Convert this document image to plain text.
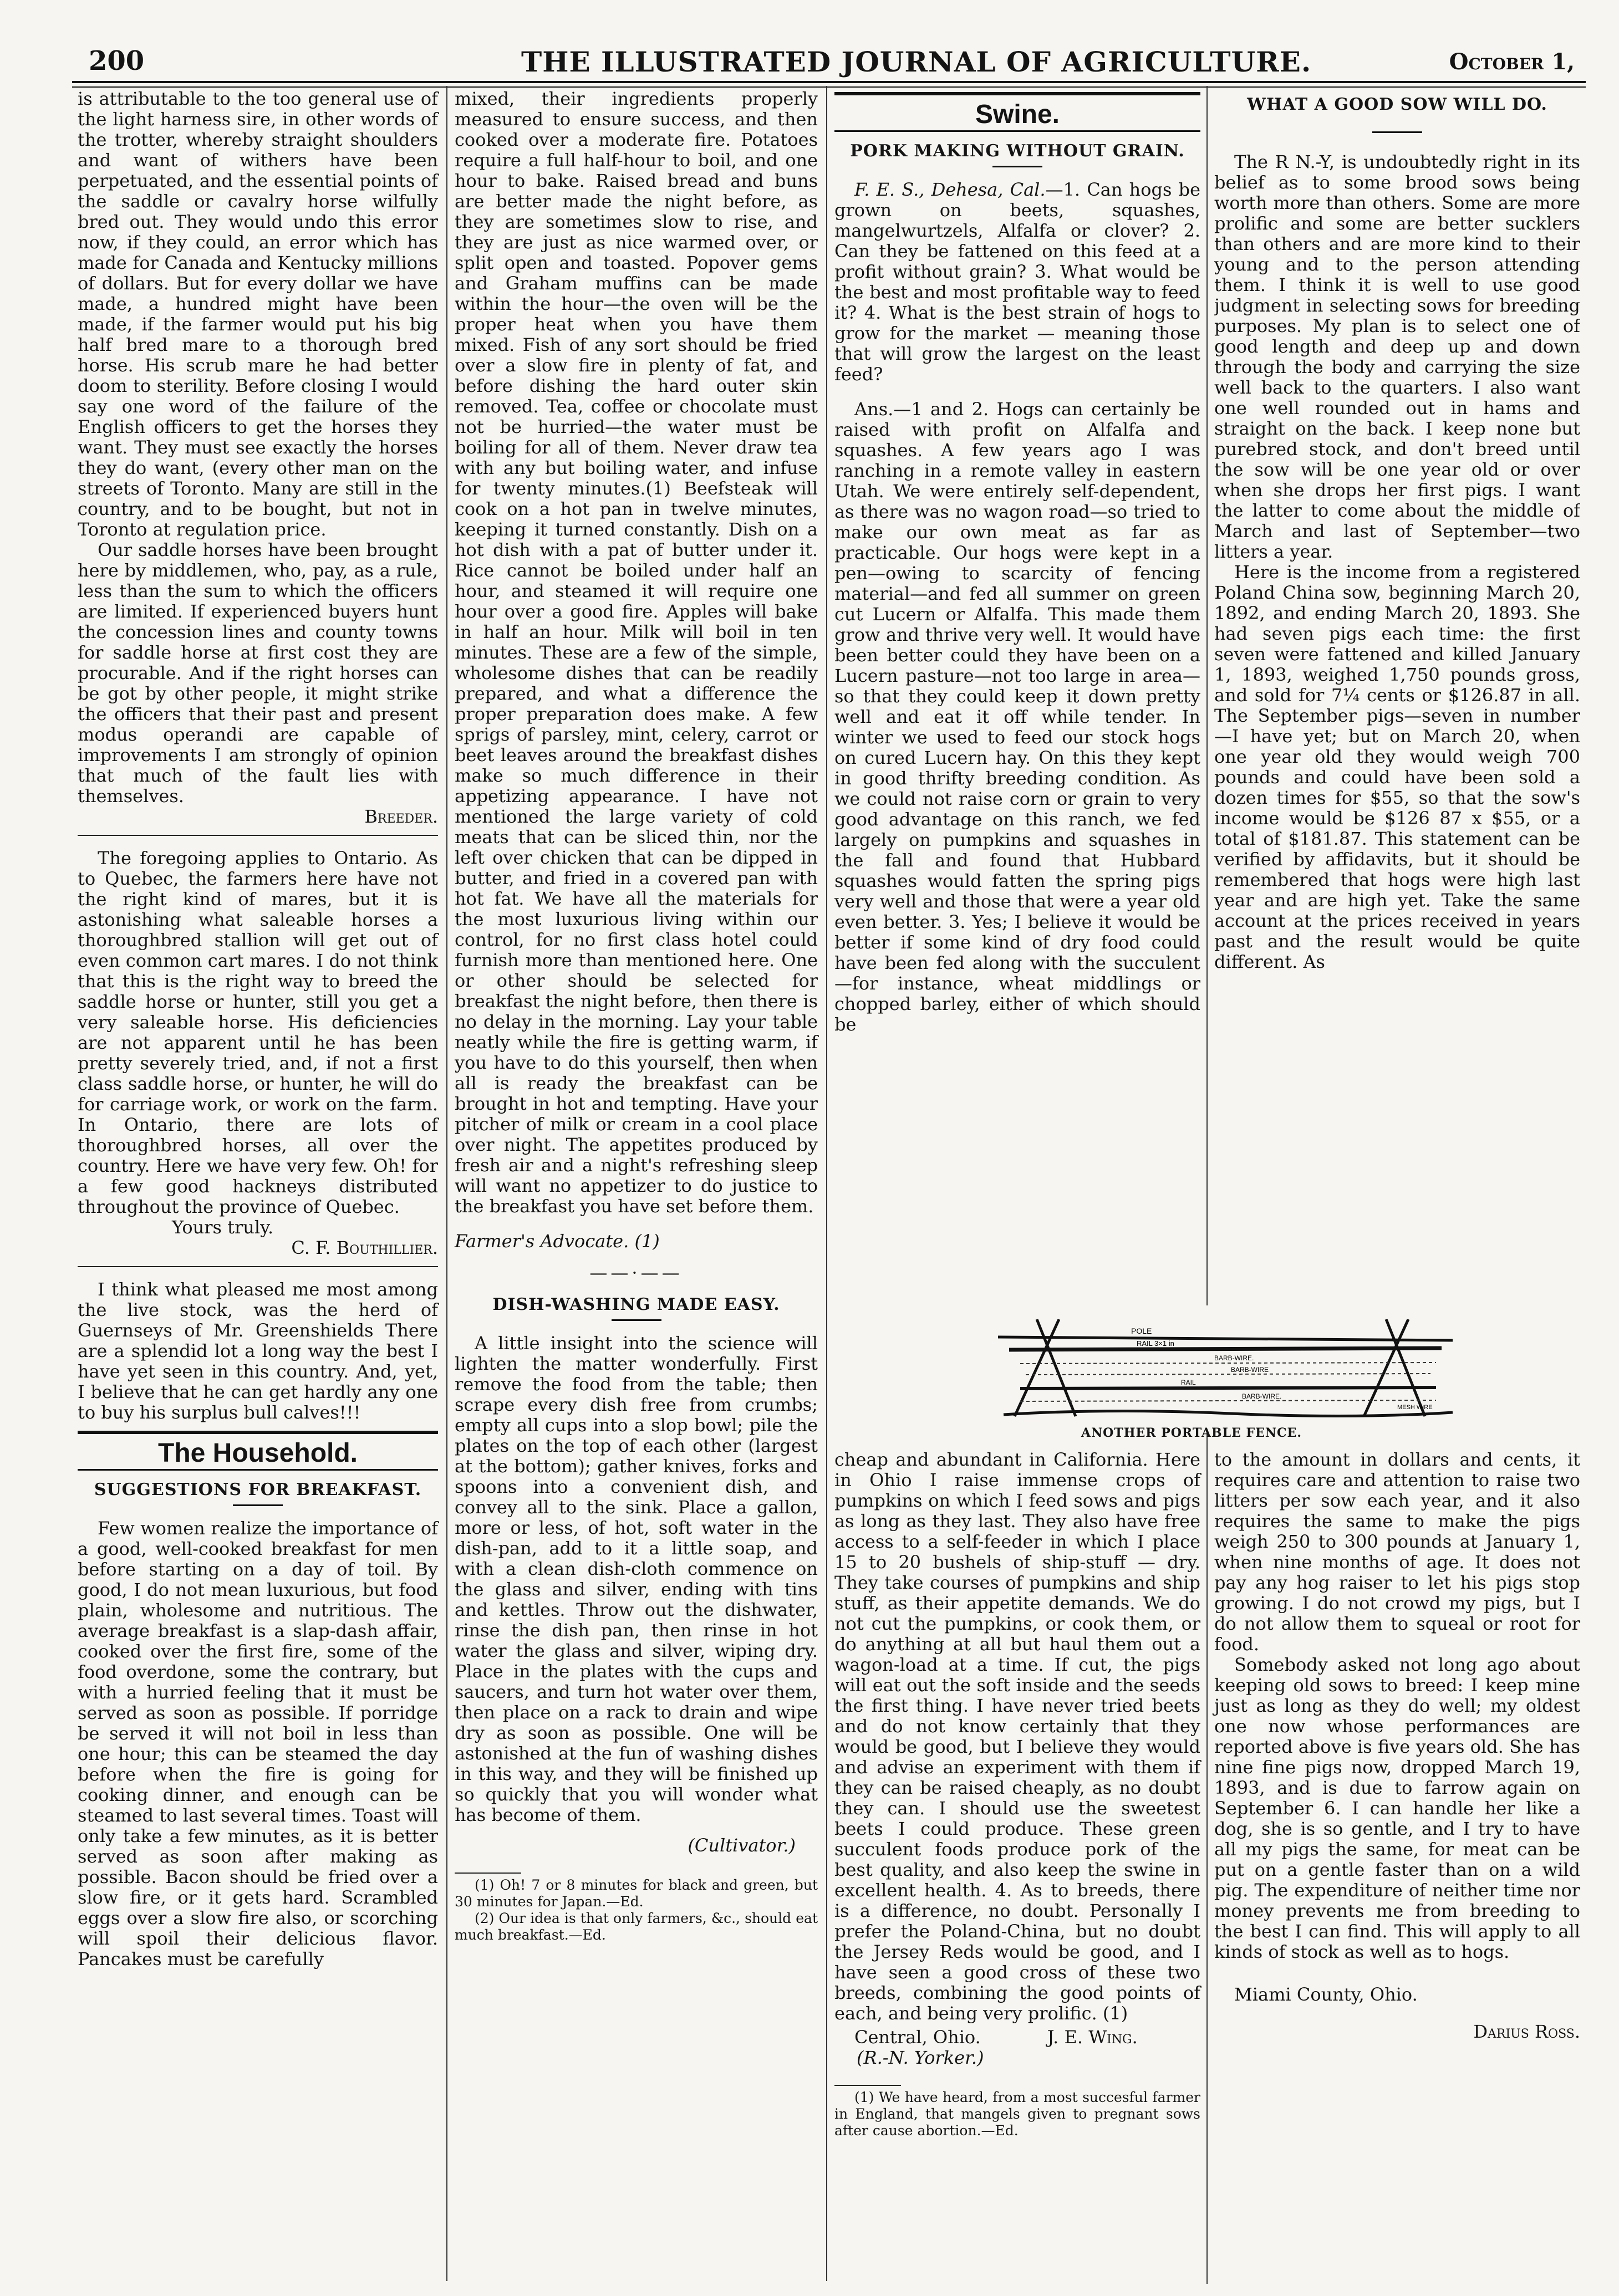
200	THE ILLUSTRATED JOURNAL OF AGRICULTURE.	October 1,

is attributable to the too general use of the light harness sire, in other words of the trotter, whereby straight shoulders and want of withers have been perpetuated, and the essential points of the saddle or cavalry horse wilfully bred out. They would undo this error now, if they could, an error which has made for Canada and Kentucky millions of dollars. But for every dollar we have made, a hundred might have been made, if the farmer would put his big half bred mare to a thorough bred horse. His scrub mare he had better doom to sterility. Before closing I would say one word of the failure of the English officers to get the horses they want. They must see exactly the horses they do want, (every other man on the streets of Toronto. Many are still in the country, and to be bought, but not in Toronto at regulation price.

Our saddle horses have been brought here by middlemen, who, pay, as a rule, less than the sum to which the officers are limited. If experienced buyers hunt the concession lines and county towns for saddle horse at first cost they are procurable. And if the right horses can be got by other people, it might strike the officers that their past and present modus operandi are capable of improvements I am strongly of opinion that much of the fault lies with themselves.

Breeder.

The foregoing applies to Ontario. As to Quebec, the farmers here have not the right kind of mares, but it is astonishing what saleable horses a thoroughbred stallion will get out of even common cart mares. I do not think that this is the right way to breed the saddle horse or hunter, still you get a very saleable horse. His deficiencies are not apparent until he has been pretty severely tried, and, if not a first class saddle horse, or hunter, he will do for carriage work, or work on the farm. In Ontario, there are lots of thoroughbred horses, all over the country. Here we have very few. Oh! for a few good hackneys distributed throughout the province of Quebec.

Yours truly.

C. F. Bouthillier.

I think what pleased me most among the live stock, was the herd of Guernseys of Mr. Greenshields There are a splendid lot a long way the best I have yet seen in this country. And, yet, I believe that he can get hardly any one to buy his surplus bull calves!!!

The Household.
SUGGESTIONS FOR BREAKFAST.

Few women realize the importance of a good, well-cooked breakfast for men before starting on a day of toil. By good, I do not mean luxurious, but food plain, wholesome and nutritious. The average breakfast is a slap-dash affair, cooked over the first fire, some of the food overdone, some the contrary, but with a hurried feeling that it must be served as soon as possible. If porridge be served it will not boil in less than one hour; this can be steamed the day before when the fire is going for cooking dinner, and enough can be steamed to last several times. Toast will only take a few minutes, as it is better served as soon after making as possible. Bacon should be fried over a slow fire, or it gets hard. Scrambled eggs over a slow fire also, or scorching will spoil their delicious flavor. Pancakes must be carefully

mixed, their ingredients properly measured to ensure success, and then cooked over a moderate fire. Potatoes require a full half-hour to boil, and one hour to bake. Raised bread and buns are better made the night before, as they are sometimes slow to rise, and they are just as nice warmed over, or split open and toasted. Popover gems and Graham muffins can be made within the hour—the oven will be the proper heat when you have them mixed. Fish of any sort should be fried over a slow fire in plenty of fat, and before dishing the hard outer skin removed. Tea, coffee or chocolate must not be hurried—the water must be boiling for all of them. Never draw tea with any but boiling water, and infuse for twenty minutes.(1) Beefsteak will cook on a hot pan in twelve minutes, keeping it turned constantly. Dish on a hot dish with a pat of butter under it. Rice cannot be boiled under half an hour, and steamed it will require one hour over a good fire. Apples will bake in half an hour. Milk will boil in ten minutes. These are a few of the simple, wholesome dishes that can be readily prepared, and what a difference the proper preparation does make. A few sprigs of parsley, mint, celery, carrot or beet leaves around the breakfast dishes make so much difference in their appetizing appearance. I have not mentioned the large variety of cold meats that can be sliced thin, nor the left over chicken that can be dipped in butter, and fried in a covered pan with hot fat. We have all the materials for the most luxurious living within our control, for no first class hotel could furnish more than mentioned here. One or other should be selected for breakfast the night before, then there is no delay in the morning. Lay your table neatly while the fire is getting warm, if you have to do this yourself, then when all is ready the breakfast can be brought in hot and tempting. Have your pitcher of milk or cream in a cool place over night. The appetites produced by fresh air and a night's refreshing sleep will want no appetizer to do justice to the breakfast you have set before them.

Farmer's Advocate. (1)

——·——
DISH-WASHING MADE EASY.

A little insight into the science will lighten the matter wonderfully. First remove the food from the table; then scrape every dish free from crumbs; empty all cups into a slop bowl; pile the plates on the top of each other (largest at the bottom); gather knives, forks and spoons into a convenient dish, and convey all to the sink. Place a gallon, more or less, of hot, soft water in the dish-pan, add to it a little soap, and with a clean dish-cloth commence on the glass and silver, ending with tins and kettles. Throw out the dishwater, rinse the dish pan, then rinse in hot water the glass and silver, wiping dry. Place in the plates with the cups and saucers, and turn hot water over them, then place on a rack to drain and wipe dry as soon as possible. One will be astonished at the fun of washing dishes in this way, and they will be finished up so quickly that you will wonder what has become of them.

(Cultivator.)

(1) Oh! 7 or 8 minutes for black and green, but 30 minutes for Japan.—Ed.

(2) Our idea is that only farmers, &c., should eat much breakfast.—Ed.

Swine.
PORK MAKING WITHOUT GRAIN.

F. E. S., Dehesa, Cal.—1. Can hogs be grown on beets, squashes, mangelwurtzels, Alfalfa or clover? 2. Can they be fattened on this feed at a profit without grain? 3. What would be the best and most profitable way to feed it? 4. What is the best strain of hogs to grow for the market — meaning those that will grow the largest on the least feed?

Ans.—1 and 2. Hogs can certainly be raised with profit on Alfalfa and squashes. A few years ago I was ranching in a remote valley in eastern Utah. We were entirely self-dependent, as there was no wagon road—so tried to make our own meat as far as practicable. Our hogs were kept in a pen—owing to scarcity of fencing material—and fed all summer on green cut Lucern or Alfalfa. This made them grow and thrive very well. It would have been better could they have been on a Lucern pasture—not too large in area—so that they could keep it down pretty well and eat it off while tender. In winter we used to feed our stock hogs on cured Lucern hay. On this they kept in good thrifty breeding condition. As we could not raise corn or grain to very good advantage on this ranch, we fed largely on pumpkins and squashes in the fall and found that Hubbard squashes would fatten the spring pigs very well and those that were a year old even better. 3. Yes; I believe it would be better if some kind of dry food could have been fed along with the succulent—for instance, wheat middlings or chopped barley, either of which should be

WHAT A GOOD SOW WILL DO.

The R N.-Y, is undoubtedly right in its belief as to some brood sows being worth more than others. Some are more prolific and some are better sucklers than others and are more kind to their young and to the person attending them. I think it is well to use good judgment in selecting sows for breeding purposes. My plan is to select one of good length and deep up and down through the body and carrying the size well back to the quarters. I also want one well rounded out in hams and straight on the back. I keep none but purebred stock, and don't breed until the sow will be one year old or over when she drops her first pigs. I want the latter to come about the middle of March and last of September—two litters a year.

Here is the income from a registered Poland China sow, beginning March 20, 1892, and ending March 20, 1893. She had seven pigs each time: the first seven were fattened and killed January 1, 1893, weighed 1,750 pounds gross, and sold for 7¼ cents or $126.87 in all. The September pigs—seven in number—I have yet; but on March 20, when one year old they would weigh 700 pounds and could have been sold a dozen times for $55, so that the sow's income would be $126 87 x $55, or a total of $181.87. This statement can be verified by affidavits, but it should be remembered that hogs were high last year and are high yet. Take the same account at the prices received in years past and the result would be quite different. As

POLE
RAIL 3×1 in
BARB-WIRE.
BARB-WIRE
RAIL
BARB-WIRE.
MESH WIRE
ANOTHER PORTABLE FENCE.

cheap and abundant in California. Here in Ohio I raise immense crops of pumpkins on which I feed sows and pigs as long as they last. They also have free access to a self-feeder in which I place 15 to 20 bushels of ship-stuff — dry. They take courses of pumpkins and ship stuff, as their appetite demands. We do not cut the pumpkins, or cook them, or do anything at all but haul them out a wagon-load at a time. If cut, the pigs will eat out the soft inside and the seeds the first thing. I have never tried beets and do not know certainly that they would be good, but I believe they would and advise an experiment with them if they can be raised cheaply, as no doubt they can. I should use the sweetest beets I could produce. These green succulent foods produce pork of the best quality, and also keep the swine in excellent health. 4. As to breeds, there is a difference, no doubt. Personally I prefer the Poland-China, but no doubt the Jersey Reds would be good, and I have seen a good cross of these two breeds, combining the good points of each, and being very prolific. (1)

Central, Ohio.	J. E. Wing.

(R.-N. Yorker.)

(1) We have heard, from a most succesful farmer in England, that mangels given to pregnant sows after cause abortion.—Ed.

to the amount in dollars and cents, it requires care and attention to raise two litters per sow each year, and it also requires the same to make the pigs weigh 250 to 300 pounds at January 1, when nine months of age. It does not pay any hog raiser to let his pigs stop growing. I do not crowd my pigs, but I do not allow them to squeal or root for food.

Somebody asked not long ago about keeping old sows to breed: I keep mine just as long as they do well; my oldest one now whose performances are reported above is five years old. She has nine fine pigs now, dropped March 19, 1893, and is due to farrow again on September 6. I can handle her like a dog, she is so gentle, and I try to have all my pigs the same, for meat can be put on a gentle faster than on a wild pig. The expenditure of neither time nor money prevents me from breeding to the best I can find. This will apply to all kinds of stock as well as to hogs.

Miami County, Ohio.

Darius Ross.
